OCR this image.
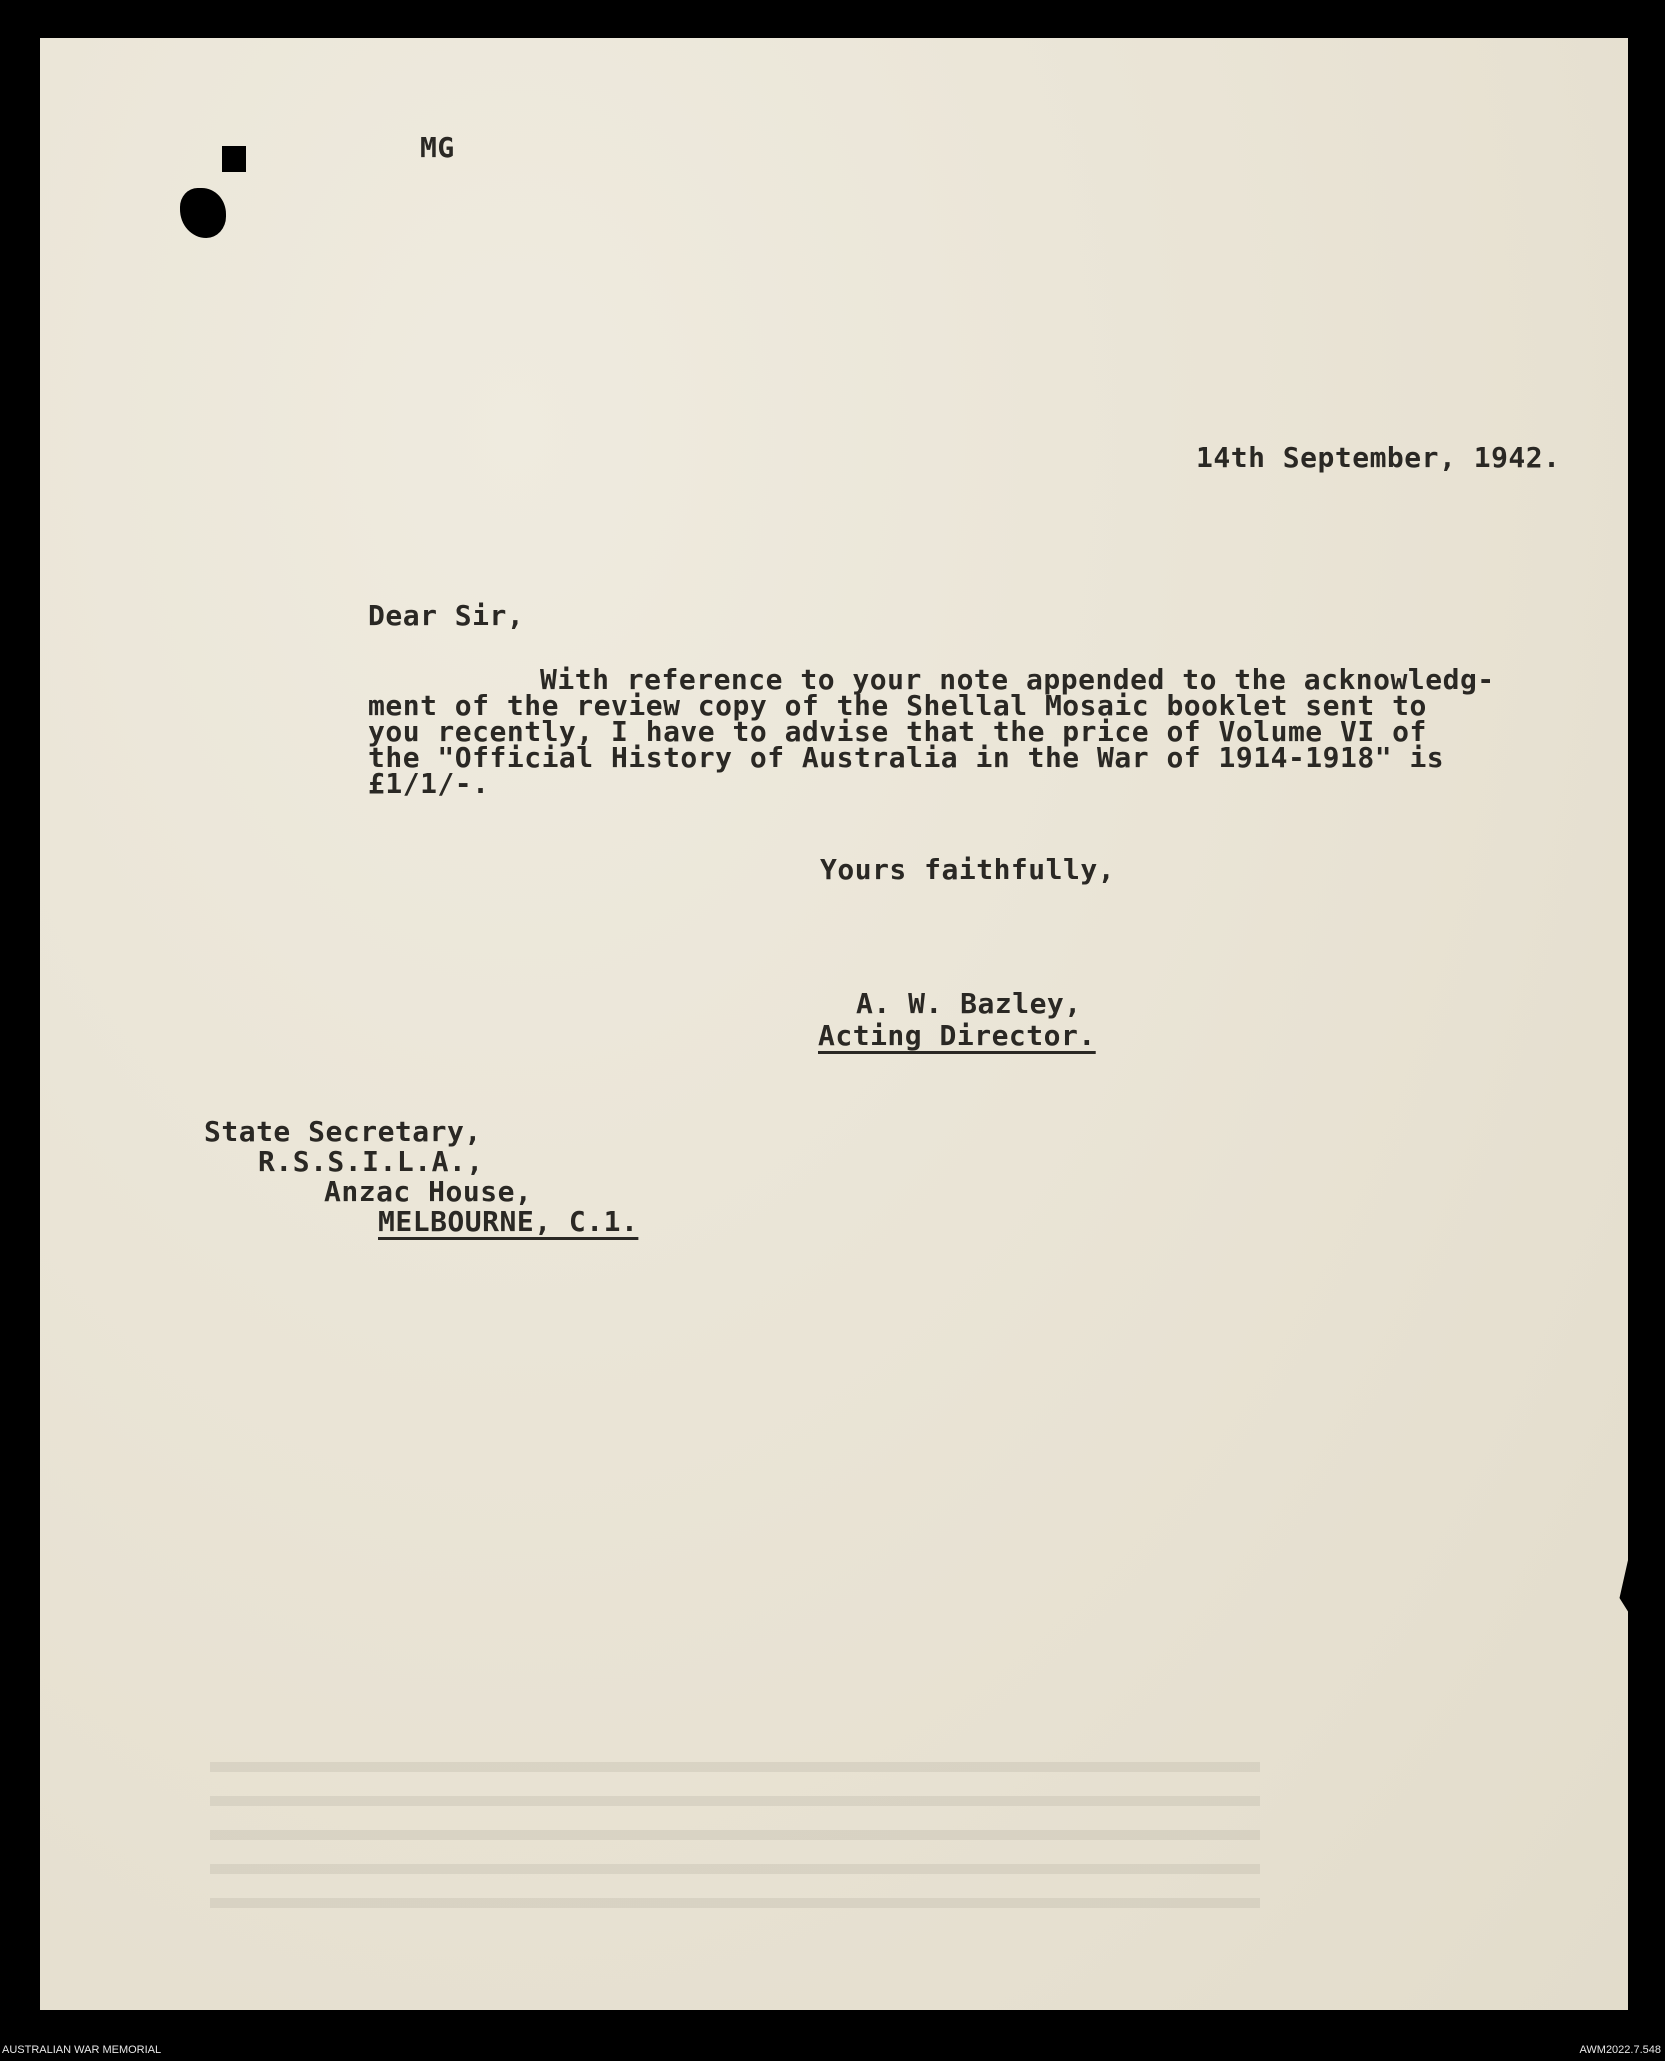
MG
14th September, 1942.
Dear Sir,
With reference to your note appended to the acknowledg-
ment of the review copy of the Shellal Mosaic booklet sent to
you recently, I have to advise that the price of Volume VI of
the "Official History of Australia in the War of 1914-1918" is
£1/1/-.
Yours faithfully,
A. W. Bazley,
Acting Director.
State Secretary,
R.S.S.I.L.A.,
Anzac House,
MELBOURNE, C.1.
AUSTRALIAN WAR MEMORIAL	AWM2022.7.548
